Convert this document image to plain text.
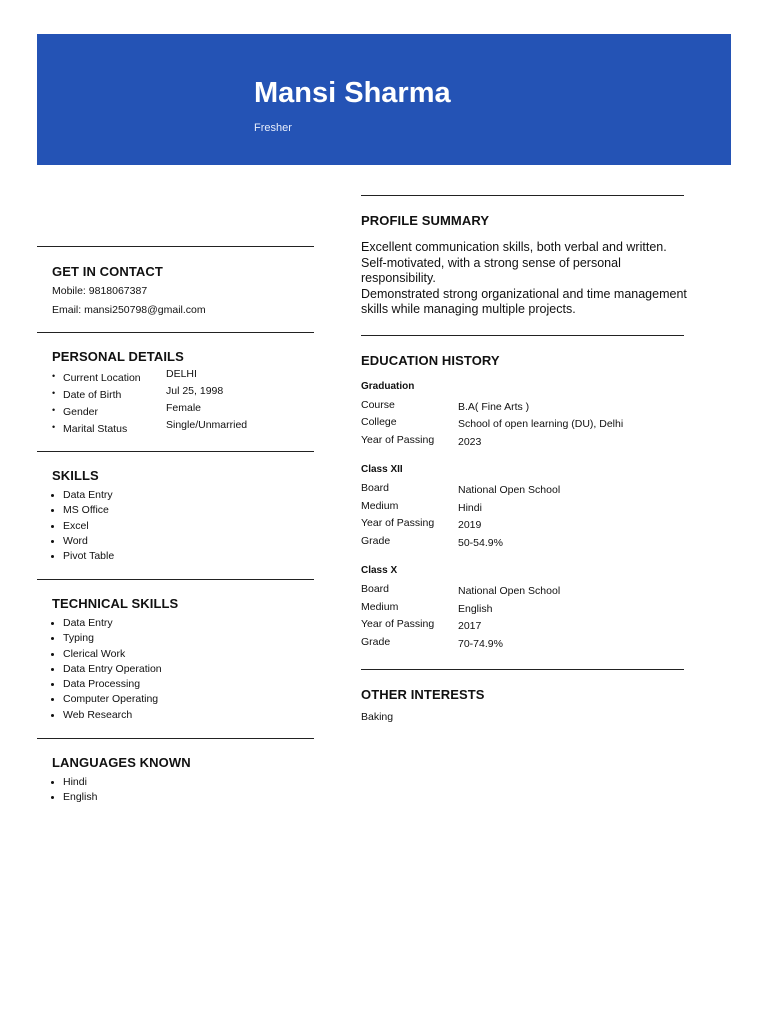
Mansi Sharma
Fresher
GET IN CONTACT
Mobile: 9818067387
Email: mansi250798@gmail.com
PERSONAL DETAILS
• Current Location DELHI
• Date of Birth	Jul 25, 1998
• Gender	Female
• Marital Status	Single/Unmarried
SKILLS
• Data Entry
• MS Office
• Excel
• Word
• Pivot Table
TECHNICAL SKILLS
• Data Entry
• Typing
• Clerical Work
• Data Entry Operation
• Data Processing
• Computer Operating
• Web Research
LANGUAGES KNOWN
• Hindi
• English
PROFILE SUMMARY
Excellent communication skills, both verbal and written. Self-motivated, with a strong sense of personal responsibility.
Demonstrated strong organizational and time management skills while managing multiple projects.
EDUCATION HISTORY
Graduation
Course	B.A( Fine Arts )
College	School of open learning (DU), Delhi
Year of Passing 2023
Class XII
Board	National Open School
Medium	Hindi
Year of Passing 2019
Grade	50-54.9%
Class X
Board	National Open School
Medium	English
Year of Passing 2017
Grade	70-74.9%
OTHER INTERESTS
Baking
